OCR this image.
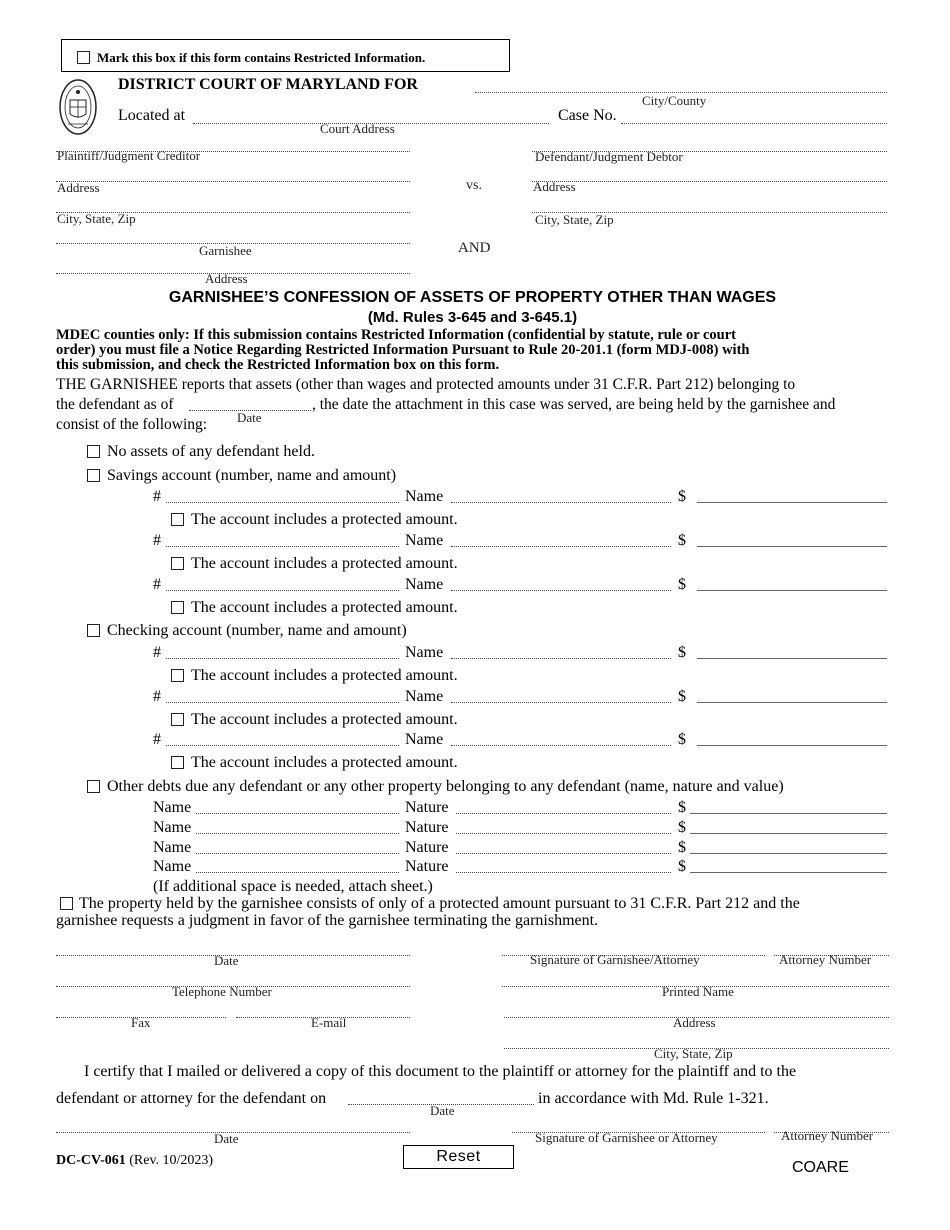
Mark this box if this form contains Restricted Information.
DISTRICT COURT OF MARYLAND FOR
City/County
Located at
Court Address
Case No.
Plaintiff/Judgment Creditor
Address
City, State, Zip
Garnishee
Address
vs.
AND
Defendant/Judgment Debtor
Address
City, State, Zip
GARNISHEE’S CONFESSION OF ASSETS OF PROPERTY OTHER THAN WAGES
(Md. Rules 3-645 and 3-645.1)
MDEC counties only: If this submission contains Restricted Information (confidential by statute, rule or court
order) you must file a Notice Regarding Restricted Information Pursuant to Rule 20-201.1 (form MDJ-008) with
this submission, and check the Restricted Information box on this form.
THE GARNISHEE reports that assets (other than wages and protected amounts under 31 C.F.R. Part 212) belonging to
the defendant as of	, the date the attachment in this case was served, are being held by the garnishee and
Date
consist of the following:
No assets of any defendant held.
Savings account (number, name and amount)
#	Name	$
The account includes a protected amount.
#	Name	$
The account includes a protected amount.
#	Name	$
The account includes a protected amount.
Checking account (number, name and amount)
#	Name	$
The account includes a protected amount.
#	Name	$
The account includes a protected amount.
#	Name	$
The account includes a protected amount.
Other debts due any defendant or any other property belonging to any defendant (name, nature and value)
Name	Nature	$
Name	Nature	$
Name	Nature	$
Name	Nature	$
(If additional space is needed, attach sheet.)
The property held by the garnishee consists of only of a protected amount pursuant to 31 C.F.R. Part 212 and the
garnishee requests a judgment in favor of the garnishee terminating the garnishment.
Date	Signature of Garnishee/Attorney	Attorney Number
Telephone Number	Printed Name
Fax	E-mail	Address
City, State, Zip
I certify that I mailed or delivered a copy of this document to the plaintiff or attorney for the plaintiff and to the
defendant or attorney for the defendant on
Date
in accordance with Md. Rule 1-321.
Date	Signature of Garnishee or Attorney	Attorney Number
DC-CV-061 (Rev. 10/2023)	Reset
COARE
